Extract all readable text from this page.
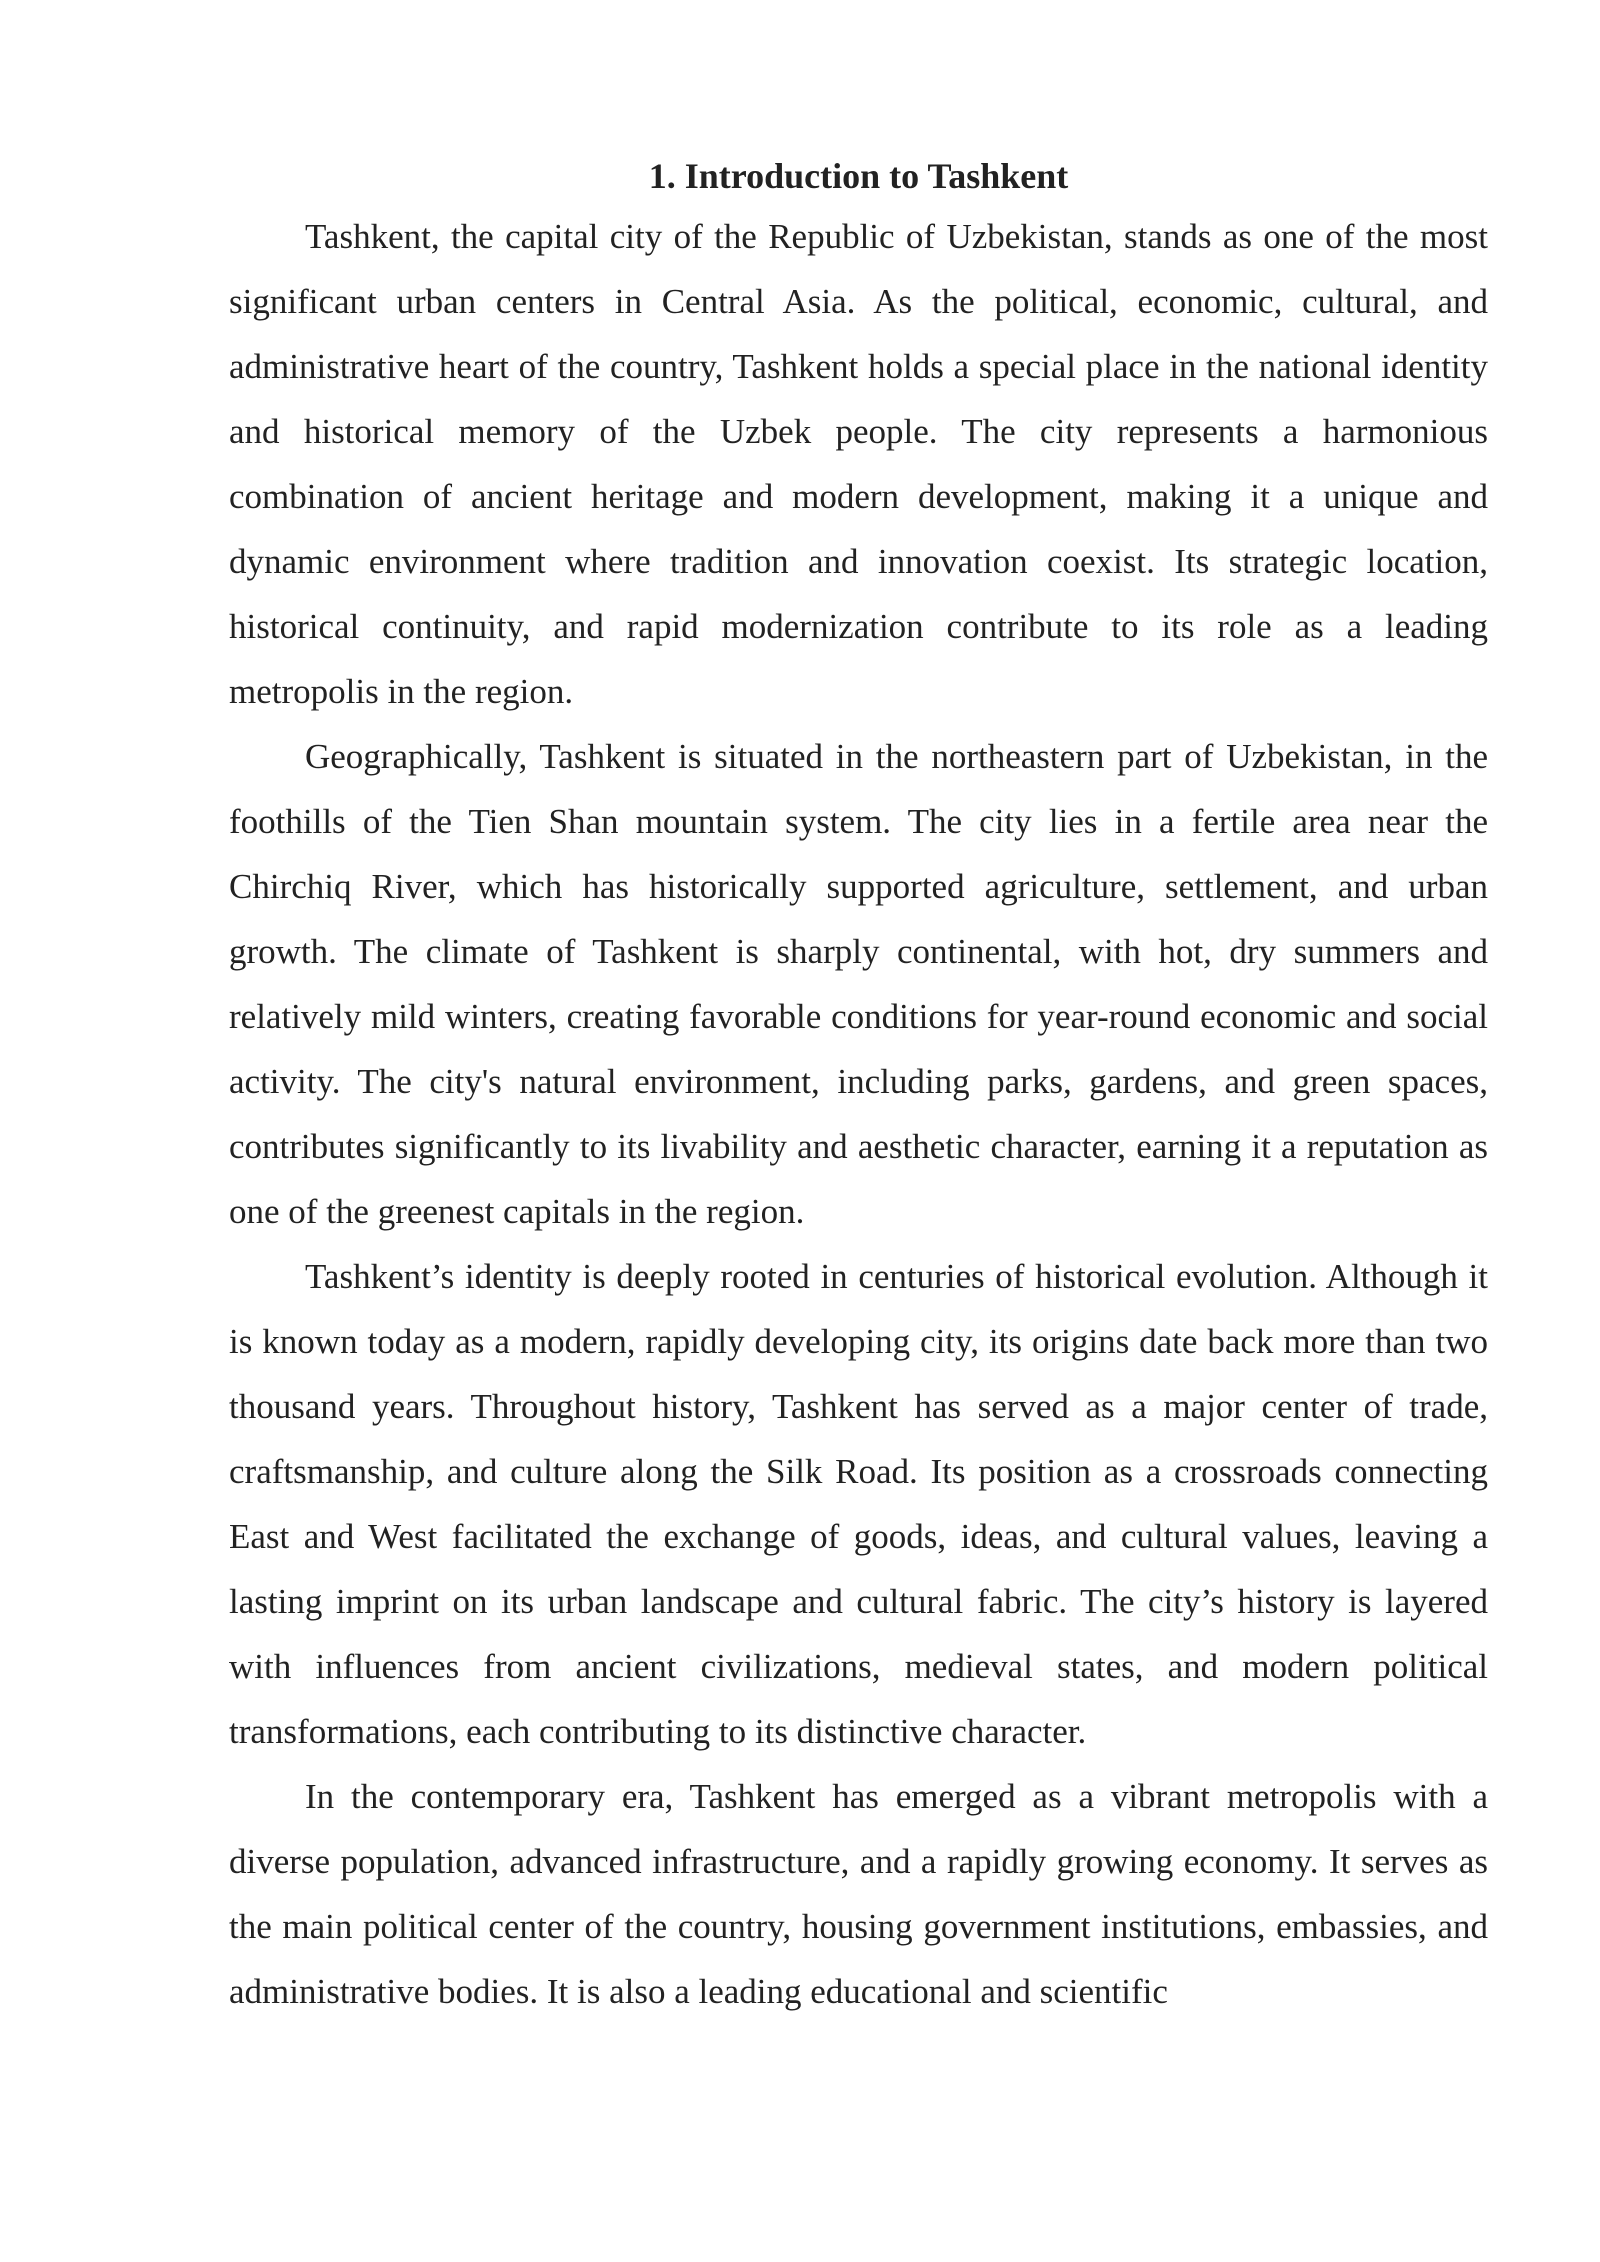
1. Introduction to Tashkent

Tashkent, the capital city of the Republic of Uzbekistan, stands as one of the most significant urban centers in Central Asia. As the political, economic, cultural, and administrative heart of the country, Tashkent holds a special place in the national identity and historical memory of the Uzbek people. The city represents a harmonious combination of ancient heritage and modern development, making it a unique and dynamic environment where tradition and innovation coexist. Its strategic location, historical continuity, and rapid modernization contribute to its role as a leading metropolis in the region.

Geographically, Tashkent is situated in the northeastern part of Uzbekistan, in the foothills of the Tien Shan mountain system. The city lies in a fertile area near the Chirchiq River, which has historically supported agriculture, settlement, and urban growth. The climate of Tashkent is sharply continental, with hot, dry summers and relatively mild winters, creating favorable conditions for year-round economic and social activity. The city's natural environment, including parks, gardens, and green spaces, contributes significantly to its livability and aesthetic character, earning it a reputation as one of the greenest capitals in the region.

Tashkent’s identity is deeply rooted in centuries of historical evolution. Although it is known today as a modern, rapidly developing city, its origins date back more than two thousand years. Throughout history, Tashkent has served as a major center of trade, craftsmanship, and culture along the Silk Road. Its position as a crossroads connecting East and West facilitated the exchange of goods, ideas, and cultural values, leaving a lasting imprint on its urban landscape and cultural fabric. The city’s history is layered with influences from ancient civilizations, medieval states, and modern political transformations, each contributing to its distinctive character.

In the contemporary era, Tashkent has emerged as a vibrant metropolis with a diverse population, advanced infrastructure, and a rapidly growing economy. It serves as the main political center of the country, housing government institutions, embassies, and administrative bodies. It is also a leading educational and scientific
